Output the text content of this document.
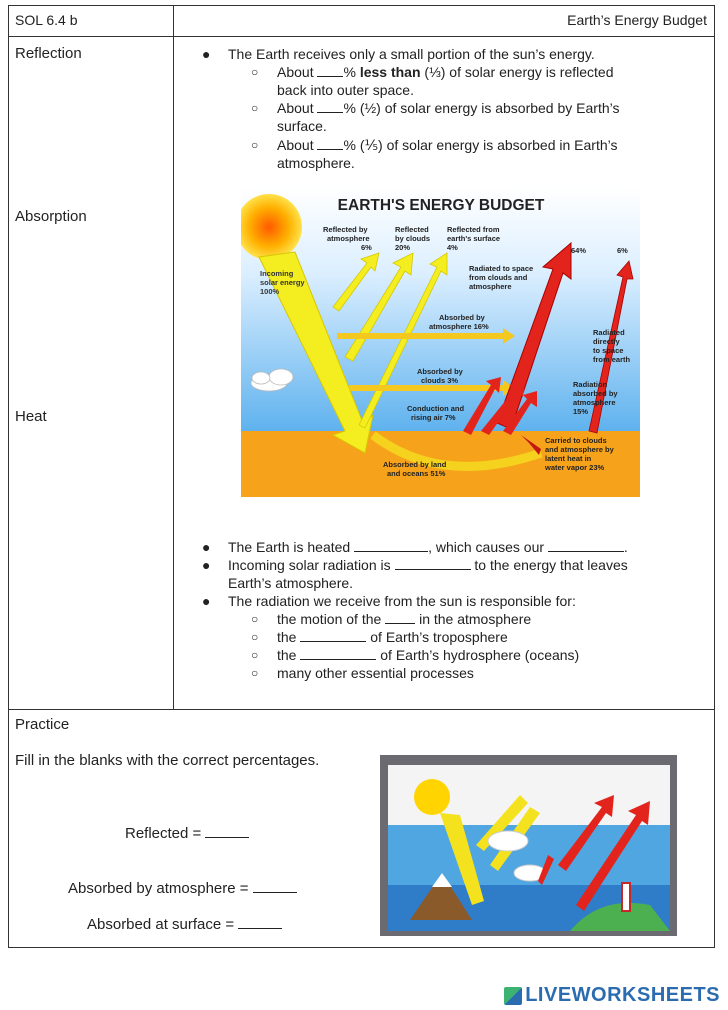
SOL 6.4 b	Earth’s Energy Budget
Reflection
Absorption
Heat
● The Earth receives only a small portion of the sun’s energy.
○ About % less than (⅓) of solar energy is reflected
back into outer space.
○ About % (½) of solar energy is absorbed by Earth’s
surface.
○ About % (⅕) of solar energy is absorbed in Earth’s
atmosphere.
EARTH'S ENERGY BUDGET
Incoming
solar energy
100%
Reflected by
atmosphere
6%
Reflected
by clouds
20%
Reflected from
earth's surface
4%	64%	6%
Radiated to space
from clouds and
atmosphere
Absorbed by
atmosphere 16%
Radiated
directly
to space
from earth
Absorbed by
clouds 3%	Radiation
absorbed by
atmosphere
15%
Conduction and
rising air 7%
Carried to clouds
and atmosphere by
latent heat in
water vapor 23%
Absorbed by land
and oceans 51%
● The Earth is heated	, which causes our	.
● Incoming solar radiation is	to the energy that leaves
Earth’s atmosphere.
● The radiation we receive from the sun is responsible for:
○ the motion of the  in the atmosphere
○ the	of Earth’s troposphere
○ the	of Earth’s hydrosphere (oceans)
○ many other essential processes
Practice
Fill in the blanks with the correct percentages.
Reflected =
Absorbed by atmosphere =
Absorbed at surface =
LIVEWORKSHEETS
